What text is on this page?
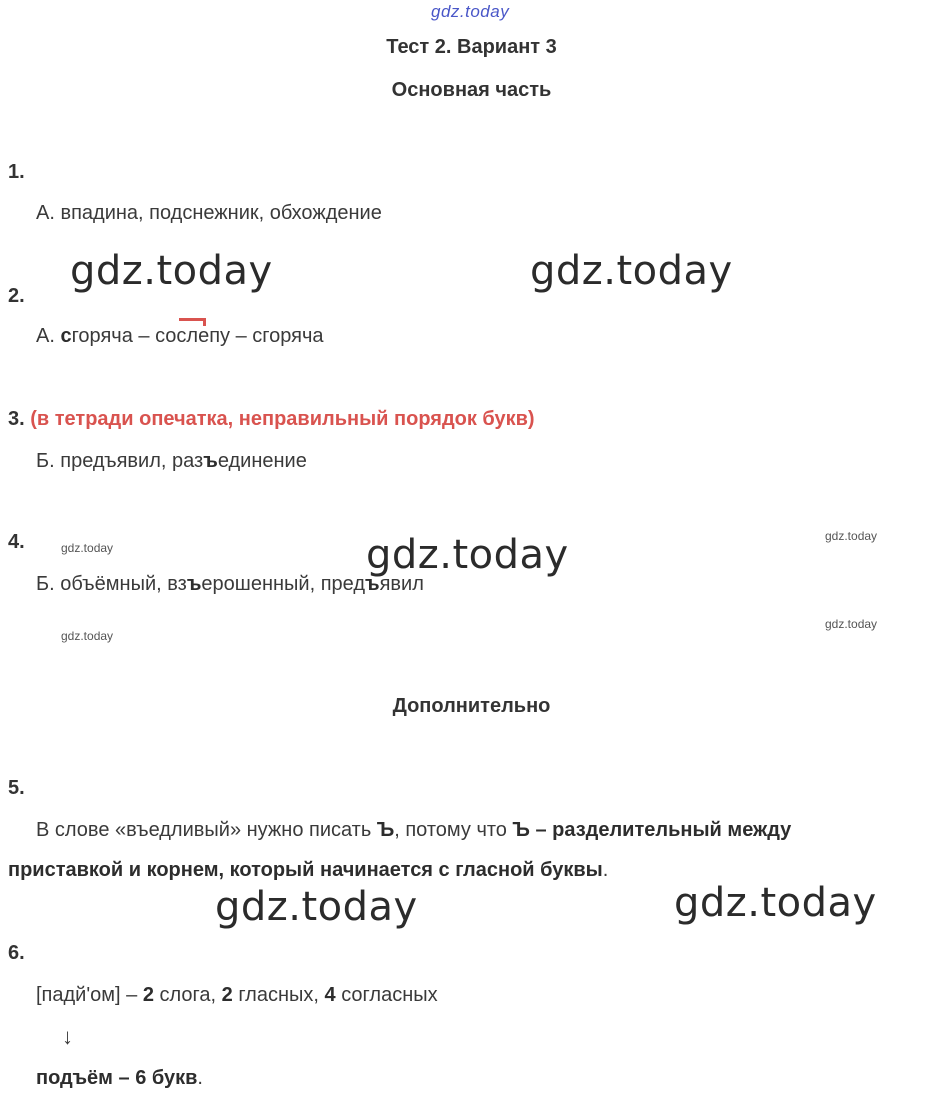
gdz.today
gdz.today	gdz.today
gdz.today
gdz.today	gdz.today
gdz.today
gdz.today
gdz.today
gdz.today
Тест 2. Вариант 3
Основная часть
1.
А. впадина, подснежник, обхождение
2.
А. сгоряча – сослепу – сгоряча
3. (в тетради опечатка, неправильный порядок букв)
Б. предъявил, разъединение
4.
Б. объёмный, взъерошенный, предъявил
Дополнительно
5.
В слове «въедливый» нужно писать Ъ, потому что Ъ – разделительный между
приставкой и корнем, который начинается с гласной буквы.
6.
[падй'ом] – 2 слога, 2 гласных, 4 согласных
↓
подъём – 6 букв.
